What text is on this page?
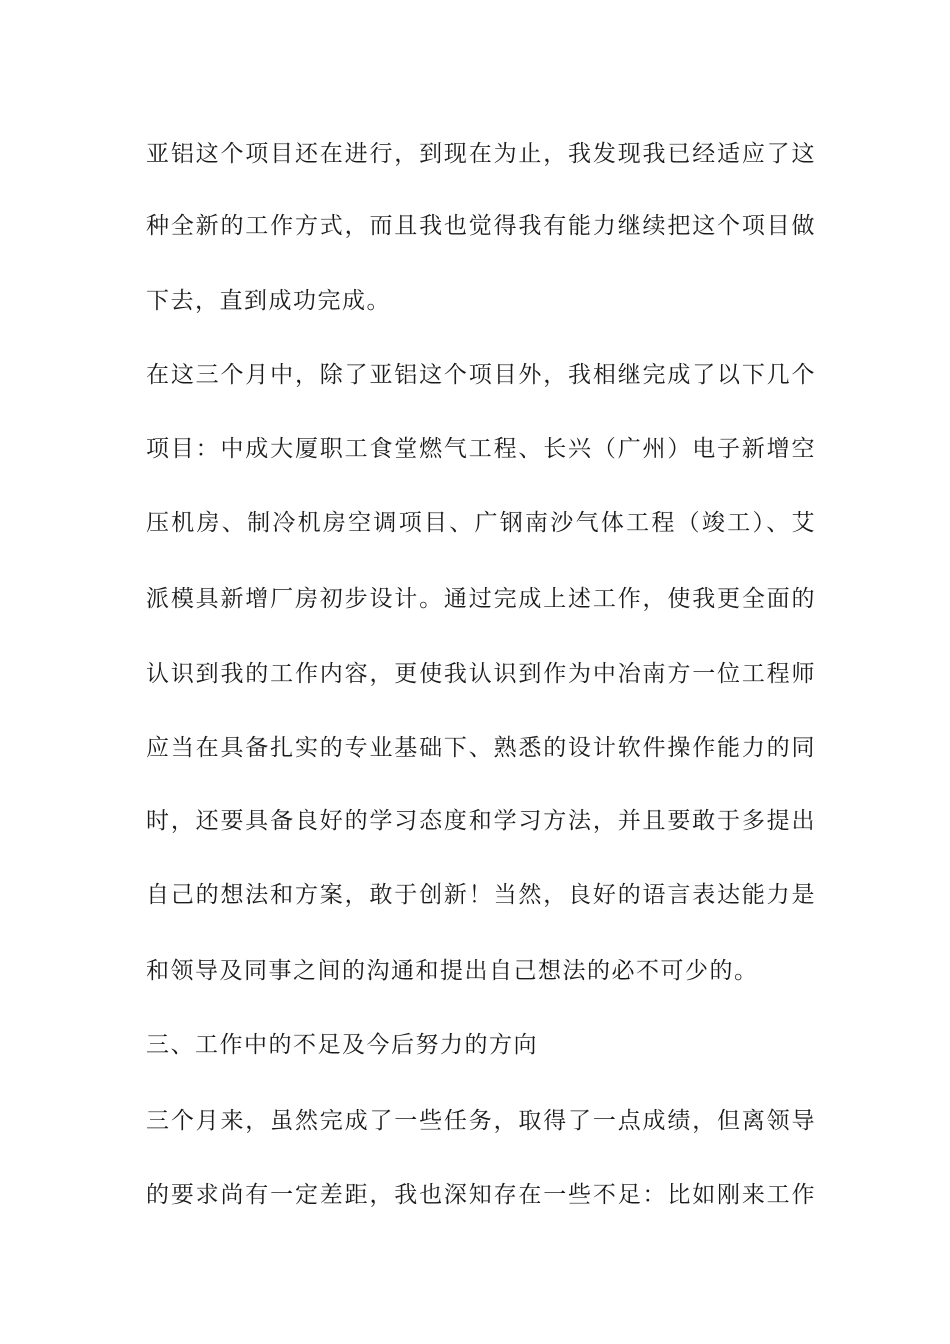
亚铝这个项目还在进行，到现在为止，我发现我已经适应了这
种全新的工作方式，而且我也觉得我有能力继续把这个项目做
下去，直到成功完成。
在这三个月中，除了亚铝这个项目外，我相继完成了以下几个
项目：中成大厦职工食堂燃气工程、长兴（广州）电子新增空
压机房、制冷机房空调项目、广钢南沙气体工程（竣工）、艾
派模具新增厂房初步设计。通过完成上述工作，使我更全面的
认识到我的工作内容，更使我认识到作为中冶南方一位工程师
应当在具备扎实的专业基础下、熟悉的设计软件操作能力的同
时，还要具备良好的学习态度和学习方法，并且要敢于多提出
自己的想法和方案，敢于创新！当然，良好的语言表达能力是
和领导及同事之间的沟通和提出自己想法的必不可少的。
三、工作中的不足及今后努力的方向
三个月来，虽然完成了一些任务，取得了一点成绩，但离领导
的要求尚有一定差距，我也深知存在一些不足：比如刚来工作
